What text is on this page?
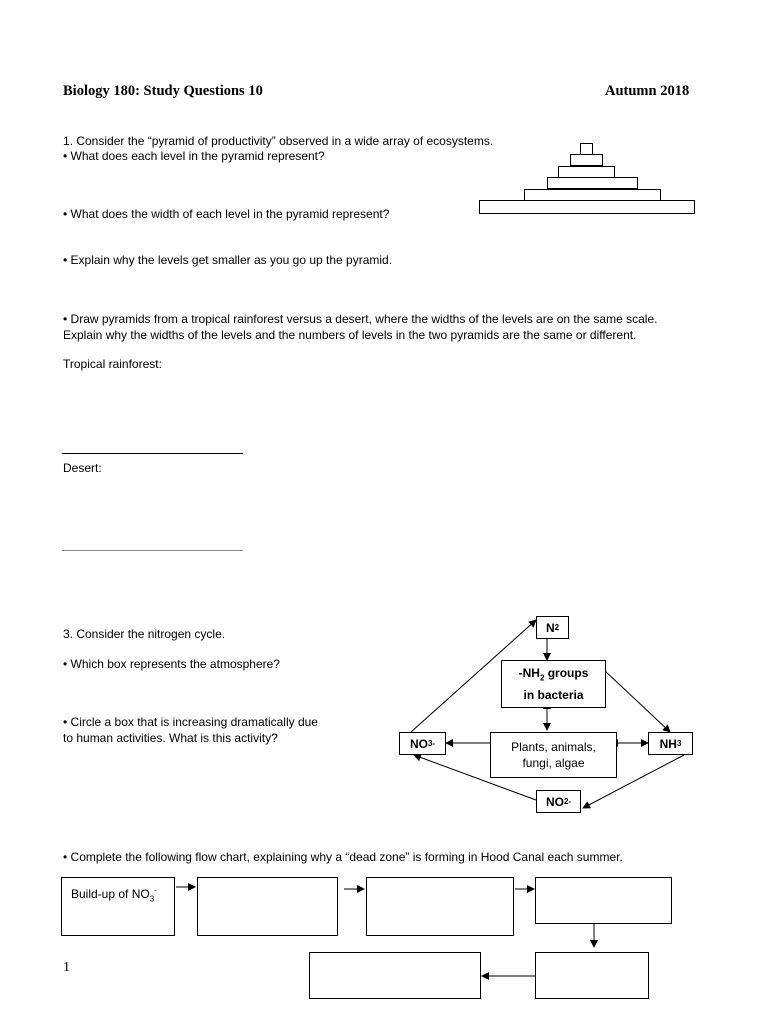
Biology 180: Study Questions 10	Autumn 2018
1. Consider the “pyramid of productivity” observed in a wide array of ecosystems.
• What does each level in the pyramid represent?
• What does the width of each level in the pyramid represent?
• Explain why the levels get smaller as you go up the pyramid.
• Draw pyramids from a tropical rainforest versus a desert, where the widths of the levels are on the same scale.
Explain why the widths of the levels and the numbers of levels in the two pyramids are the same or different.
Tropical rainforest:
Desert:
3. Consider the nitrogen cycle.
• Which box represents the atmosphere?
• Circle a box that is increasing dramatically due
to human activities. What is this activity?
N 2
$-NH_2$ groups
in bacteria
NO 3 -	Plants, animals,
fungi, algae
NH 3
NO 2 -
• Complete the following flow chart, explaining why a “dead zone” is forming in Hood Canal each summer.
Build-up of $NO_3^-$
1
